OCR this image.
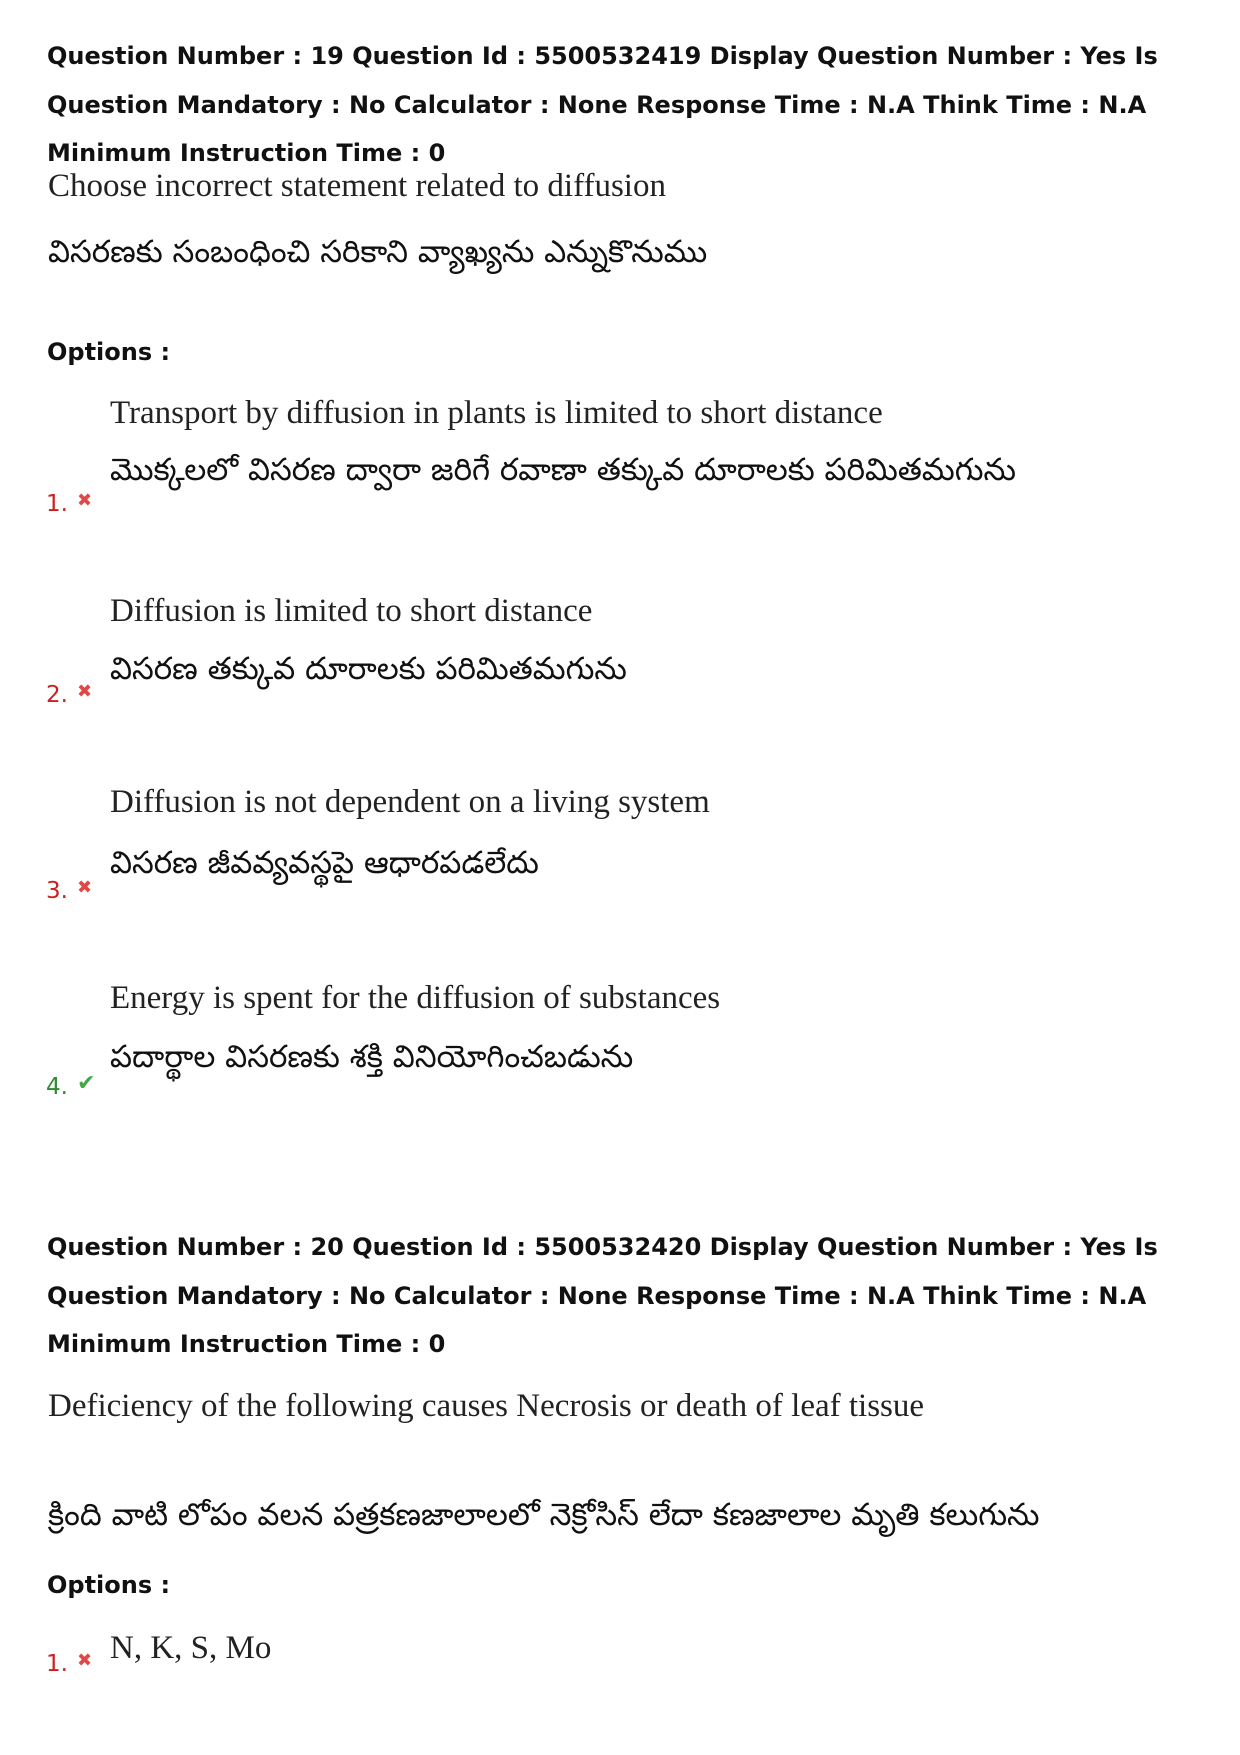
Question Number : 19 Question Id : 5500532419 Display Question Number : Yes Is Question Mandatory : No Calculator : None Response Time : N.A Think Time : N.A Minimum Instruction Time : 0

Choose incorrect statement related to diffusion
విసరణకు సంబంధించి సరికాని వ్యాఖ్యను ఎన్నుకొనుము
Options :
Transport by diffusion in plants is limited to short distance
మొక్కలలో విసరణ ద్వారా జరిగే రవాణా తక్కువ దూరాలకు పరిమితమగును
1. ✖
Diffusion is limited to short distance
విసరణ తక్కువ దూరాలకు పరిమితమగును
2. ✖
Diffusion is not dependent on a living system
విసరణ జీవవ్యవస్థపై ఆధారపడలేదు
3. ✖
Energy is spent for the diffusion of substances
పదార్థాల విసరణకు శక్తి వినియోగించబడును
4. ✔

Question Number : 20 Question Id : 5500532420 Display Question Number : Yes Is Question Mandatory : No Calculator : None Response Time : N.A Think Time : N.A Minimum Instruction Time : 0

Deficiency of the following causes Necrosis or death of leaf tissue
క్రింది వాటి లోపం వలన పత్రకణజాలాలలో నెక్రోసిస్ లేదా కణజాలాల మృతి కలుగును
Options :
N, K, S, Mo
1. ✖
